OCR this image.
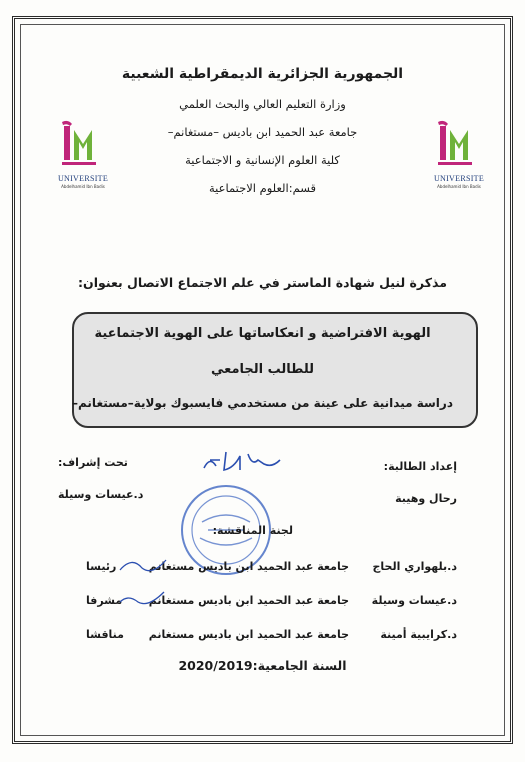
الجمهورية الجزائرية الديمقراطية الشعبية
وزارة التعليم العالي والبحث العلمي
جامعة عبد الحميد ابن باديس –مستغانم–
كلية العلوم الإنسانية و الاجتماعية
قسم:العلوم الاجتماعية
UNIVERSITE
Abdelhamid Ibn Badis
UNIVERSITE
Abdelhamid Ibn Badis
مذكرة لنيل شهادة الماستر في علم الاجتماع الاتصال بعنوان:
الهوية الافتراضية و انعكاساتها على الهوية الاجتماعية
للطالب الجامعي
دراسة ميدانية على عينة من مستخدمي فايسبوك بولاية–مستغانم–
إعداد الطالبة:
تحت إشراف:
رحال وهيبة
د.عيسات وسيلة
لجنة المناقشة:
د.بلهواري الحاج
جامعة عبد الحميد ابن باديس مستغانم
رئيسا
د.عيسات وسيلة
جامعة عبد الحميد ابن باديس مستغانم
مشرفا
د.كرايبية أمينة
جامعة عبد الحميد ابن باديس مستغانم
مناقشا
السنة الجامعية:2020/2019
